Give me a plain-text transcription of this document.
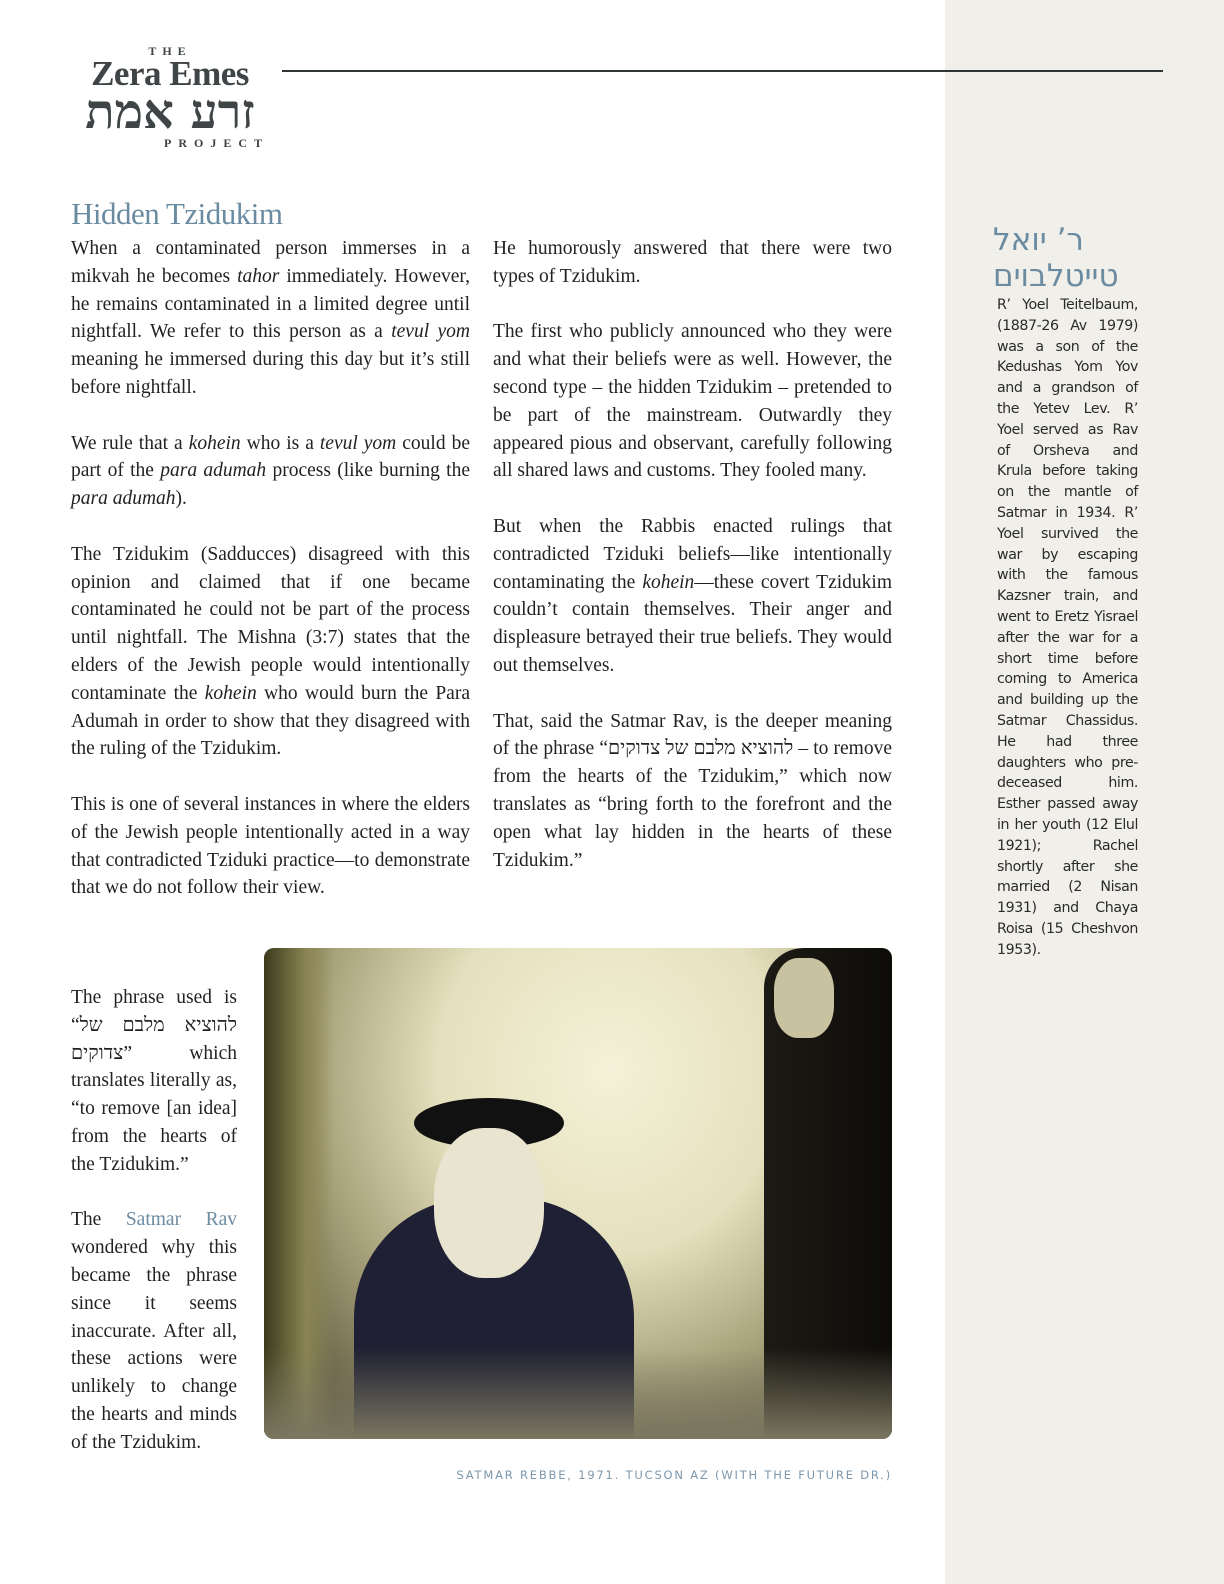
THE
Zera Emes
זרע אמת
PROJECT
Hidden Tzidukim

When a contaminated person immerses in a mikvah he becomes tahor immediately. However, he remains contaminated in a limited degree until nightfall. We refer to this person as a tevul yom meaning he immersed during this day but it’s still before nightfall.

We rule that a kohein who is a tevul yom could be part of the para adumah process (like burning the para adumah).

The Tzidukim (Sadducces) disagreed with this opinion and claimed that if one became contaminated he could not be part of the process until nightfall. The Mishna (3:7) states that the elders of the Jewish people would intentionally contaminate the kohein who would burn the Para Adumah in order to show that they disagreed with the ruling of the Tzidukim.

This is one of several instances in where the elders of the Jewish people intentionally acted in a way that contradicted Tziduki practice—to demonstrate that we do not follow their view.

The phrase used is “להוציא מלבם של צדוקים” which translates literally as, “to remove [an idea] from the hearts of the Tzidukim.”

The Satmar Rav wondered why this became the phrase since it seems inaccurate. After all, these actions were unlikely to change the hearts and minds of the Tzidukim.

He humorously answered that there were two types of Tzidukim.

The first who publicly announced who they were and what their beliefs were as well. However, the second type – the hidden Tzidukim – pretended to be part of the mainstream. Outwardly they appeared pious and observant, carefully following all shared laws and customs. They fooled many.

But when the Rabbis enacted rulings that contradicted Tziduki beliefs—like intentionally contaminating the kohein—these covert Tzidukim couldn’t contain themselves. Their anger and displeasure betrayed their true beliefs. They would out themselves.

That, said the Satmar Rav, is the deeper meaning of the phrase “להוציא מלבם של צדוקים – to remove from the hearts of the Tzidukim,” which now translates as “bring forth to the forefront and the open what lay hidden in the hearts of these Tzidukim.”

SATMAR REBBE, 1971. TUCSON AZ (WITH THE FUTURE DR.)
ר’ יואל טייטלבוים
R’ Yoel Teitelbaum, (1887-26 Av 1979) was a son of the Kedushas Yom Yov and a grandson of the Yetev Lev. R’ Yoel served as Rav of Orsheva and Krula before taking on the mantle of Satmar in 1934. R’ Yoel survived the war by escaping with the famous Kazsner train, and went to Eretz Yisrael after the war for a short time before coming to America and building up the Satmar Chassidus. He had three daughters who pre-deceased him. Esther passed away in her youth (12 Elul 1921); Rachel shortly after she married (2 Nisan 1931) and Chaya Roisa (15 Cheshvon 1953).
